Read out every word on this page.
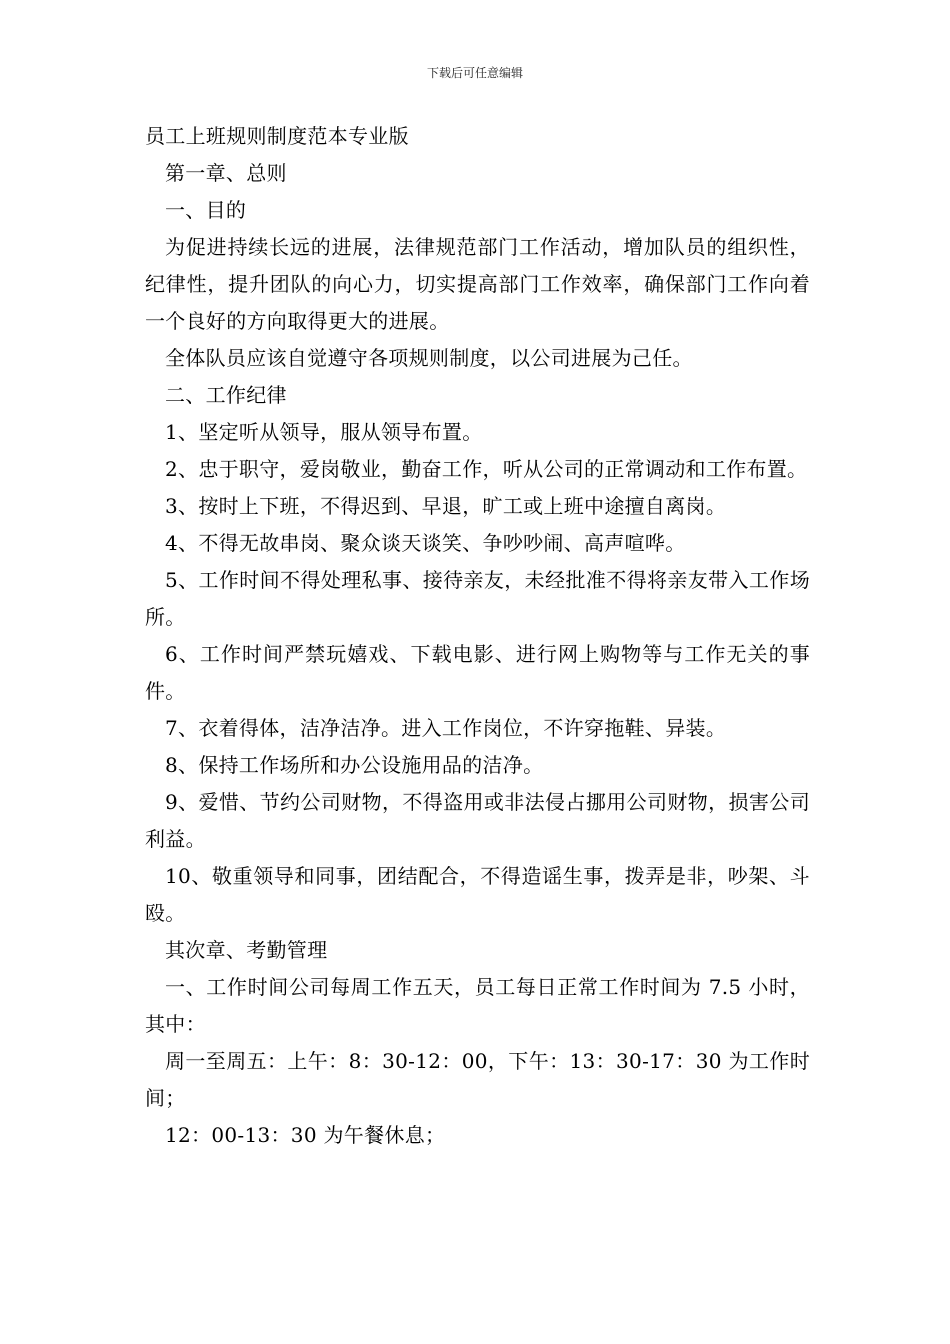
下载后可任意编辑

员工上班规则制度范本专业版

第一章、总则

一、目的

为促进持续长远的进展，法律规范部门工作活动，增加队员的组织性，纪律性，提升团队的向心力，切实提高部门工作效率，确保部门工作向着一个良好的方向取得更大的进展。

全体队员应该自觉遵守各项规则制度，以公司进展为己任。

二、工作纪律

1、坚定听从领导，服从领导布置。

2、忠于职守，爱岗敬业，勤奋工作，听从公司的正常调动和工作布置。

3、按时上下班，不得迟到、早退，旷工或上班中途擅自离岗。

4、不得无故串岗、聚众谈天谈笑、争吵吵闹、高声喧哗。

5、工作时间不得处理私事、接待亲友，未经批准不得将亲友带入工作场所。

6、工作时间严禁玩嬉戏、下载电影、进行网上购物等与工作无关的事件。

7、衣着得体，洁净洁净。进入工作岗位，不许穿拖鞋、异装。

8、保持工作场所和办公设施用品的洁净。

9、爱惜、节约公司财物，不得盗用或非法侵占挪用公司财物，损害公司利益。

10、敬重领导和同事，团结配合，不得造谣生事，拨弄是非，吵架、斗殴。

其次章、考勤管理

一、工作时间公司每周工作五天，员工每日正常工作时间为 7.5 小时，其中：

周一至周五：上午：8：30-12：00，下午：13：30-17：30 为工作时间；

12：00-13：30 为午餐休息；
